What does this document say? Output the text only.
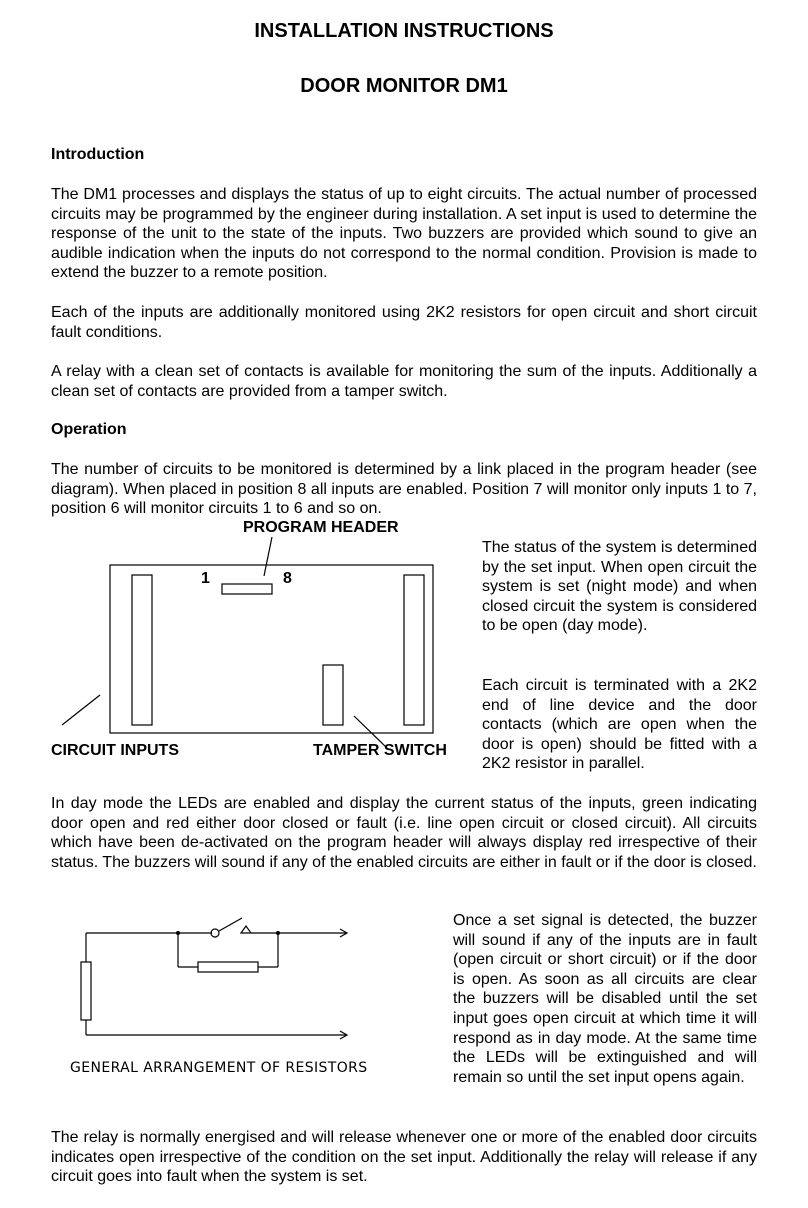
INSTALLATION INSTRUCTIONS
DOOR MONITOR DM1
Introduction

The DM1 processes and displays the status of up to eight circuits. The actual number of processed circuits may be programmed by the engineer during installation. A set input is used to determine the response of the unit to the state of the inputs. Two buzzers are provided which sound to give an audible indication when the inputs do not correspond to the normal condition. Provision is made to extend the buzzer to a remote position.

Each of the inputs are additionally monitored using 2K2 resistors for open circuit and short circuit fault conditions.

A relay with a clean set of contacts is available for monitoring the sum of the inputs. Additionally a clean set of contacts are provided from a tamper switch.

Operation

The number of circuits to be monitored is determined by a link placed in the program header (see diagram). When placed in position 8 all inputs are enabled. Position 7 will monitor only inputs 1 to 7, position 6 will monitor circuits 1 to 6 and so on.

PROGRAM HEADER
1	8
CIRCUIT INPUTS	TAMPER SWITCH

The status of the system is determined by the set input. When open circuit the system is set (night mode) and when closed circuit the system is considered to be open (day mode).

Each circuit is terminated with a 2K2 end of line device and the door contacts (which are open when the door is open) should be fitted with a 2K2 resistor in parallel.

In day mode the LEDs are enabled and display the current status of the inputs, green indicating door open and red either door closed or fault (i.e. line open circuit or closed circuit). All circuits which have been de-activated on the program header will always display red irrespective of their status. The buzzers will sound if any of the enabled circuits are either in fault or if the door is closed.

GENERAL ARRANGEMENT OF RESISTORS

Once a set signal is detected, the buzzer will sound if any of the inputs are in fault (open circuit or short circuit) or if the door is open. As soon as all circuits are clear the buzzers will be disabled until the set input goes open circuit at which time it will respond as in day mode. At the same time the LEDs will be extinguished and will remain so until the set input opens again.

The relay is normally energised and will release whenever one or more of the enabled door circuits indicates open irrespective of the condition on the set input. Additionally the relay will release if any circuit goes into fault when the system is set.
